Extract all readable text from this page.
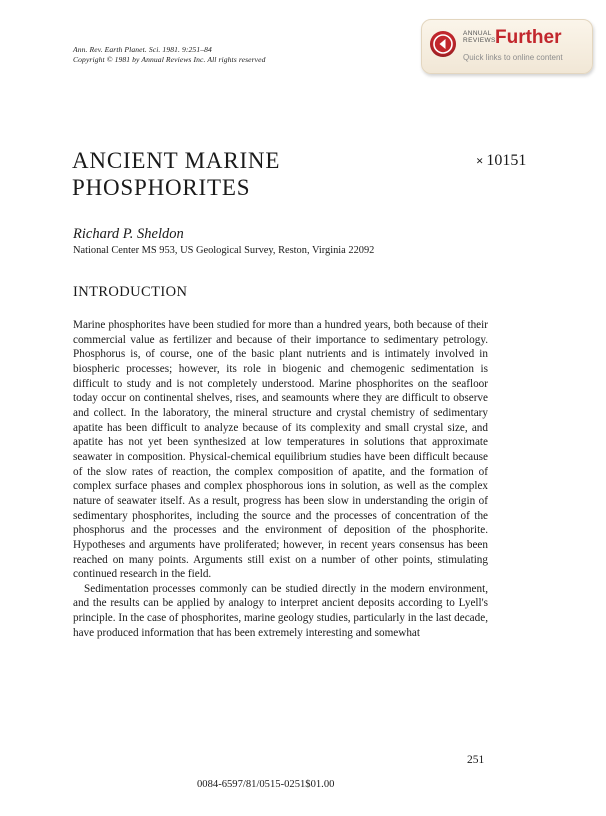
Ann. Rev. Earth Planet. Sci. 1981. 9:251–84
Copyright © 1981 by Annual Reviews Inc. All rights reserved
ANNUAL REVIEWSFurther
Quick links to online content
ANCIENT MARINE
PHOSPHORITES
× 10151
Richard P. Sheldon
National Center MS 953, US Geological Survey, Reston, Virginia 22092
INTRODUCTION

Marine phosphorites have been studied for more than a hundred years, both because of their commercial value as fertilizer and because of their importance to sedimentary petrology. Phosphorus is, of course, one of the basic plant nutrients and is intimately involved in biospheric processes; however, its role in biogenic and chemogenic sedimentation is difficult to study and is not completely understood. Marine phosphorites on the seafloor today occur on continental shelves, rises, and seamounts where they are difficult to observe and collect. In the laboratory, the mineral structure and crystal chemistry of sedimentary apatite has been difficult to analyze because of its complexity and small crystal size, and apatite has not yet been synthesized at low temperatures in solutions that approximate seawater in composition. Physical-chemical equilibrium studies have been difficult because of the slow rates of reaction, the complex composition of apatite, and the formation of complex surface phases and complex phosphorous ions in solution, as well as the complex nature of seawater itself. As a result, progress has been slow in understanding the origin of sedimentary phosphorites, including the source and the processes of concentration of the phosphorus and the processes and the environment of deposition of the phosphorite. Hypotheses and arguments have proliferated; however, in recent years consensus has been reached on many points. Arguments still exist on a number of other points, stimulating continued research in the field.

Sedimentation processes commonly can be studied directly in the modern environment, and the results can be applied by analogy to interpret ancient deposits according to Lyell's principle. In the case of phosphorites, marine geology studies, particularly in the last decade, have produced information that has been extremely interesting and somewhat

251
0084-6597/81/0515-0251$01.00
